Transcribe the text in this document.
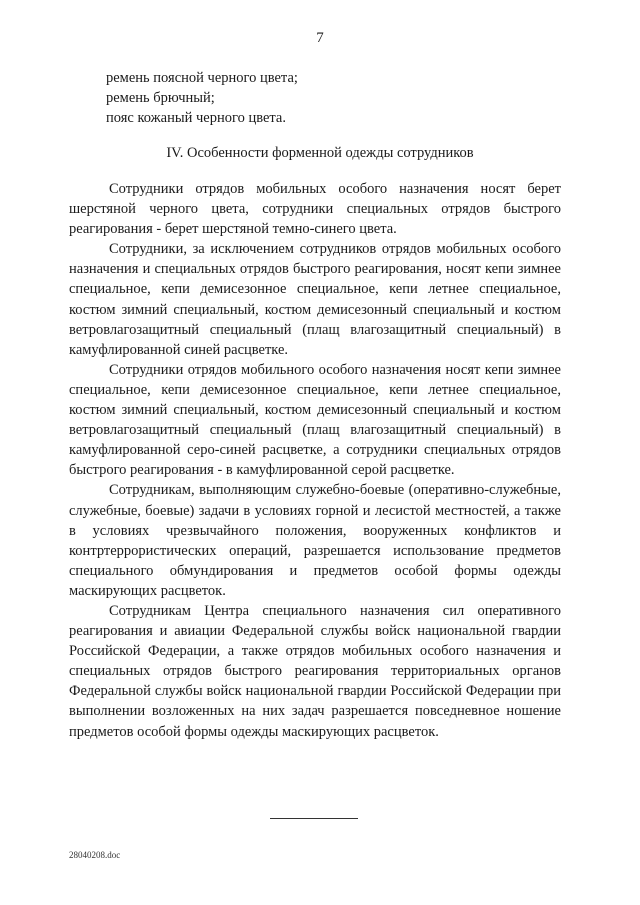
7
ремень поясной черного цвета;
ремень брючный;
пояс кожаный черного цвета.
IV. Особенности форменной одежды сотрудников

Сотрудники отрядов мобильных особого назначения носят берет шерстяной черного цвета, сотрудники специальных отрядов быстрого реагирования - берет шерстяной темно-синего цвета.

Сотрудники, за исключением сотрудников отрядов мобильных особого назначения и специальных отрядов быстрого реагирования, носят кепи зимнее специальное, кепи демисезонное специальное, кепи летнее специальное, костюм зимний специальный, костюм демисезонный специальный и костюм ветровлагозащитный специальный (плащ влагозащитный специальный) в камуфлированной синей расцветке.

Сотрудники отрядов мобильного особого назначения носят кепи зимнее специальное, кепи демисезонное специальное, кепи летнее специальное, костюм зимний специальный, костюм демисезонный специальный и костюм ветровлагозащитный специальный (плащ влагозащитный специальный) в камуфлированной серо-синей расцветке, а сотрудники специальных отрядов быстрого реагирования - в камуфлированной серой расцветке.

Сотрудникам, выполняющим служебно-боевые (оперативно-служебные, служебные, боевые) задачи в условиях горной и лесистой местностей, а также в условиях чрезвычайного положения, вооруженных конфликтов и контртеррористических операций, разрешается использование предметов специального обмундирования и предметов особой формы одежды маскирующих расцветок.

Сотрудникам Центра специального назначения сил оперативного реагирования и авиации Федеральной службы войск национальной гвардии Российской Федерации, а также отрядов мобильных особого назначения и специальных отрядов быстрого реагирования территориальных органов Федеральной службы войск национальной гвардии Российской Федерации при выполнении возложенных на них задач разрешается повседневное ношение предметов особой формы одежды маскирующих расцветок.

28040208.doc
